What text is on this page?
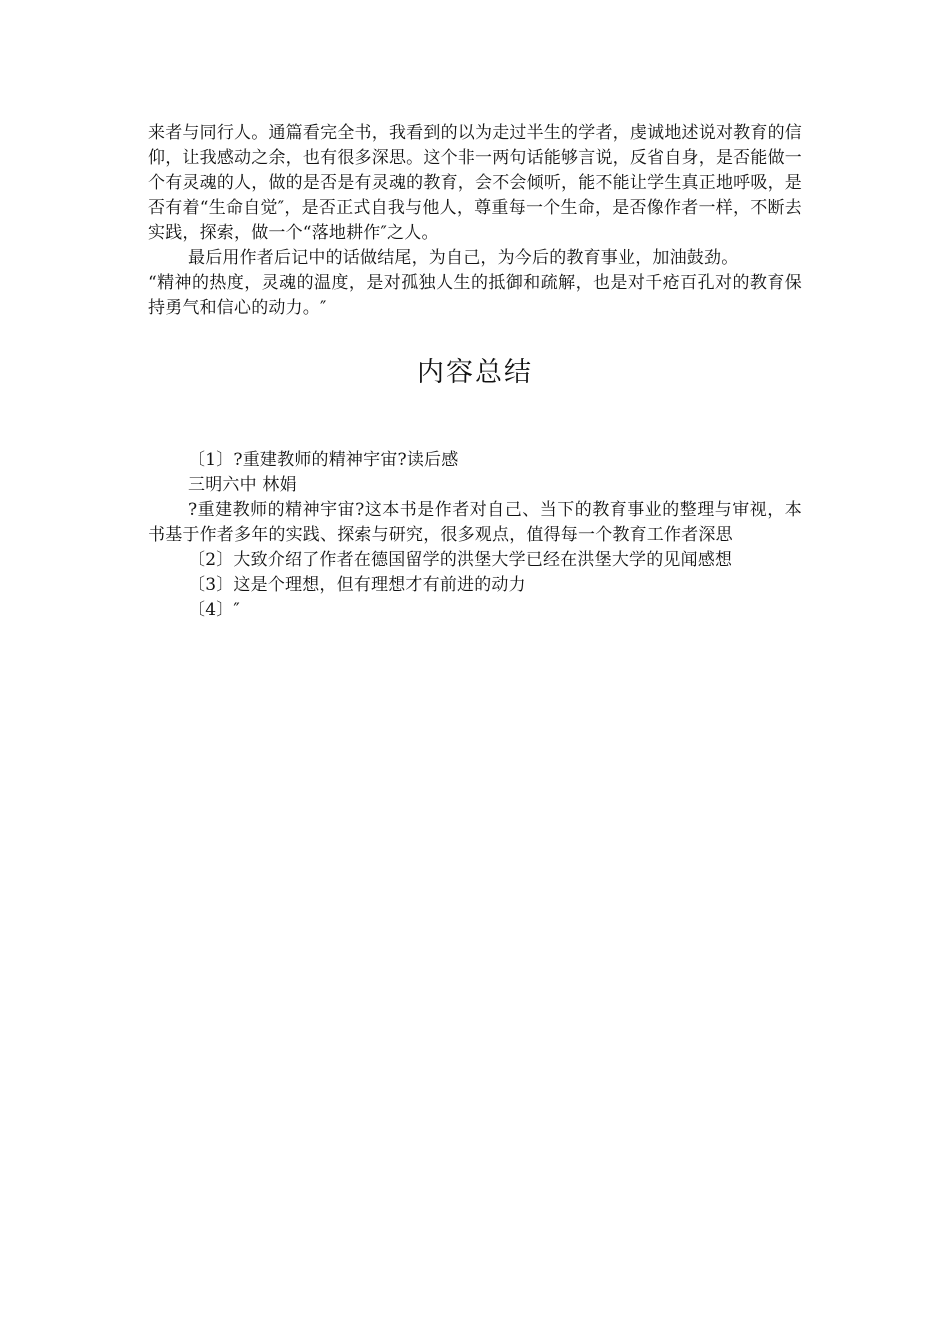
来者与同行人。通篇看完全书，我看到的以为走过半生的学者，虔诚地述说对教育的信仰，让我感动之余，也有很多深思。这个非一两句话能够言说，反省自身，是否能做一个有灵魂的人，做的是否是有灵魂的教育，会不会倾听，能不能让学生真正地呼吸，是否有着“生命自觉″，是否正式自我与他人，尊重每一个生命，是否像作者一样，不断去实践，探索，做一个“落地耕作″之人。

最后用作者后记中的话做结尾，为自己，为今后的教育事业，加油鼓劲。

“精神的热度，灵魂的温度，是对孤独人生的抵御和疏解，也是对千疮百孔对的教育保持勇气和信心的动力。″

内容总结

〔1〕?重建教师的精神宇宙?读后感

三明六中 林娟

?重建教师的精神宇宙?这本书是作者对自己、当下的教育事业的整理与审视，本书基于作者多年的实践、探索与研究，很多观点，值得每一个教育工作者深思

〔2〕大致介绍了作者在德国留学的洪堡大学已经在洪堡大学的见闻感想

〔3〕这是个理想，但有理想才有前进的动力

〔4〕″
